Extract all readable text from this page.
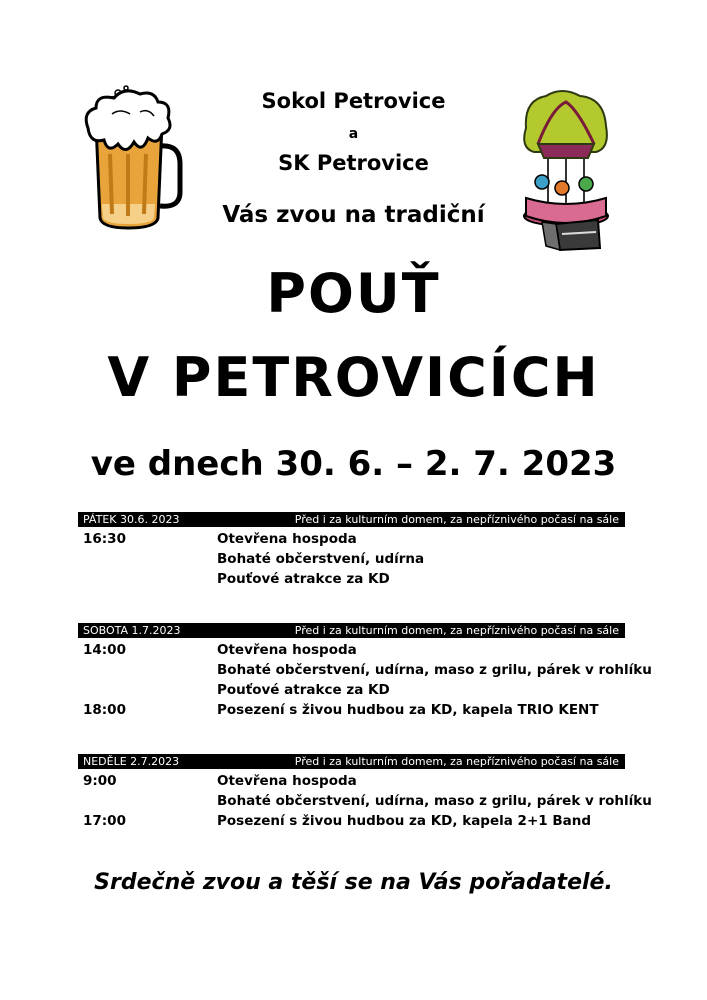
Sokol Petrovice
a
SK Petrovice
Vás zvou na tradiční
POUŤ
V PETROVICÍCH
ve dnech 30. 6. – 2. 7. 2023
PÁTEK 30.6. 2023	Před i za kulturním domem, za nepříznivého počasí na sále
16:30	Otevřena hospoda
Bohaté občerstvení, udírna
Pouťové atrakce za KD
SOBOTA 1.7.2023	Před i za kulturním domem, za nepříznivého počasí na sále
14:00	Otevřena hospoda
Bohaté občerstvení, udírna, maso z grilu, párek v rohlíku
Pouťové atrakce za KD
18:00	Posezení s živou hudbou za KD, kapela TRIO KENT
NEDĚLE 2.7.2023	Před i za kulturním domem, za nepříznivého počasí na sále
9:00	Otevřena hospoda
Bohaté občerstvení, udírna, maso z grilu, párek v rohlíku
17:00	Posezení s živou hudbou za KD, kapela 2+1 Band
Srdečně zvou a těší se na Vás pořadatelé.
